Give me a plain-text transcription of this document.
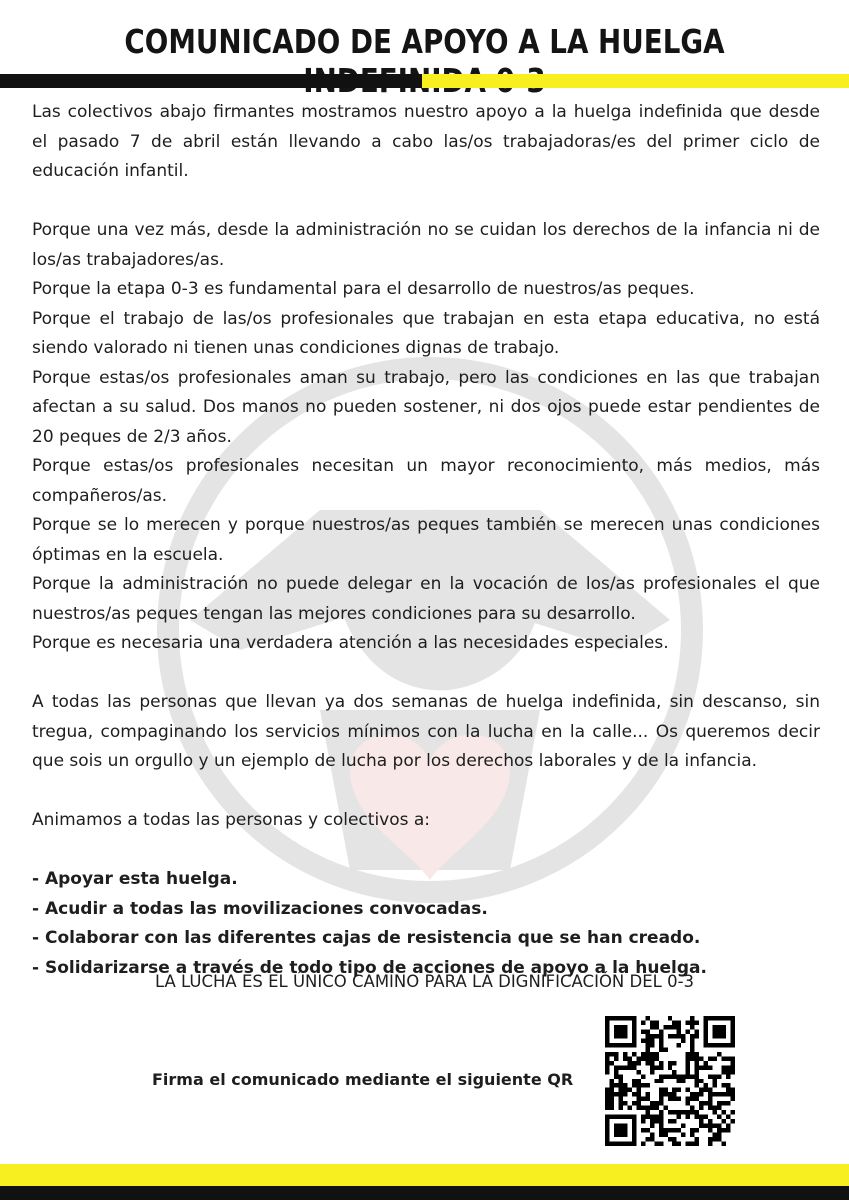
COMUNICADO DE APOYO A LA HUELGA

Las colectivos abajo firmantes mostramos nuestro apoyo a la huelga indefinida que desde el pasado 7 de abril están llevando a cabo las/os trabajadoras/es del primer ciclo de educación infantil.

Porque una vez más, desde la administración no se cuidan los derechos de la infancia ni de los/as trabajadores/as.

Porque la etapa 0-3 es fundamental para el desarrollo de nuestros/as peques.

Porque el trabajo de las/os profesionales que trabajan en esta etapa educativa, no está siendo valorado ni tienen unas condiciones dignas de trabajo.

Porque estas/os profesionales aman su trabajo, pero las condiciones en las que trabajan afectan a su salud. Dos manos no pueden sostener, ni dos ojos puede estar pendientes de 20 peques de 2/3 años.

Porque estas/os profesionales necesitan un mayor reconocimiento, más medios, más compañeros/as.

Porque se lo merecen y porque nuestros/as peques también se merecen unas condiciones óptimas en la escuela.

Porque la administración no puede delegar en la vocación de los/as profesionales el que nuestros/as peques tengan las mejores condiciones para su desarrollo.

Porque es necesaria una verdadera atención a las necesidades especiales.

A todas las personas que llevan ya dos semanas de huelga indefinida, sin descanso, sin tregua, compaginando los servicios mínimos con la lucha en la calle... Os queremos decir que sois un orgullo y un ejemplo de lucha por los derechos laborales y de la infancia.

Animamos a todas las personas y colectivos a:

- Apoyar esta huelga.

- Acudir a todas las movilizaciones convocadas.

- Colaborar con las diferentes cajas de resistencia que se han creado.

- Solidarizarse a través de todo tipo de acciones de apoyo a la huelga.

LA LUCHA ES EL ÚNICO CAMINO PARA LA DIGNIFICACIÓN DEL 0-3
Firma el comunicado mediante el siguiente QR
